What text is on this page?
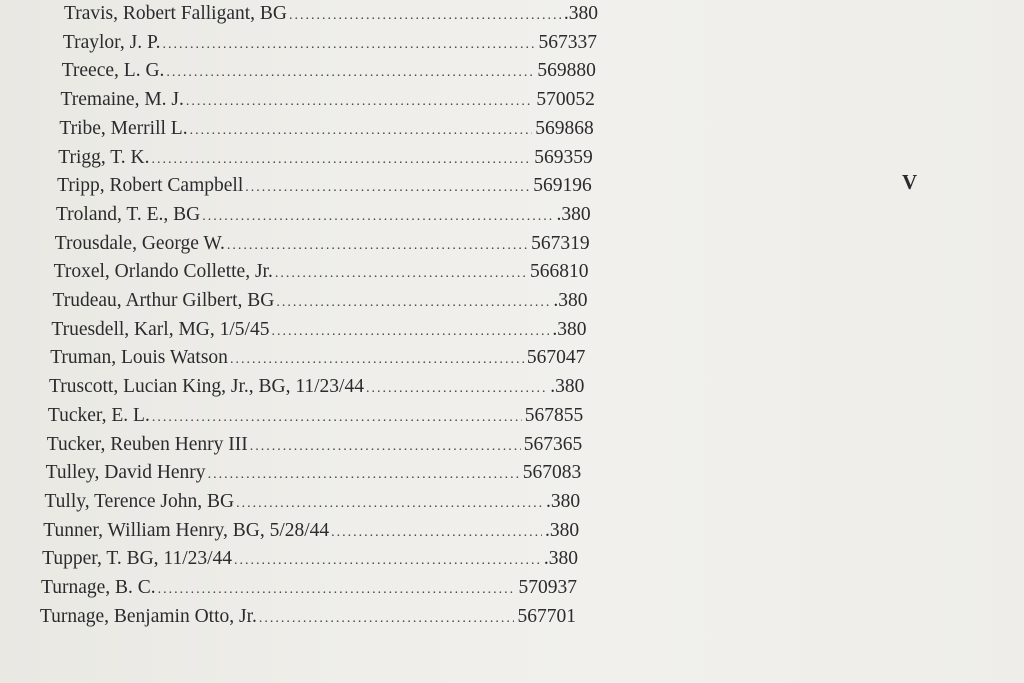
Travis, Robert Falligant, BG .....	.380
Traylor, J. P. .....	567337
Treece, L. G. .....	569880
Tremaine, M. J. .....	570052
Tribe, Merrill L. .....	569868
Trigg, T. K. .....	569359
Tripp, Robert Campbell .....	569196
Troland, T. E., BG .....	.380
Trousdale, George W. .....	567319
Troxel, Orlando Collette, Jr. .....	566810
Trudeau, Arthur Gilbert, BG .....	.380
Truesdell, Karl, MG, 1/5/45 .....	.380
Truman, Louis Watson .....	567047
Truscott, Lucian King, Jr., BG, 11/23/44 .....	.380
Tucker, E. L. .....	567855
Tucker, Reuben Henry III .....	567365
Tulley, David Henry .....	567083
Tully, Terence John, BG .....	.380
Tunner, William Henry, BG, 5/28/44 .....	.380
Tupper, T. BG, 11/23/44 .....	.380
Turnage, B. C. .....	570937
Turnage, Benjamin Otto, Jr. .....	567701
V
